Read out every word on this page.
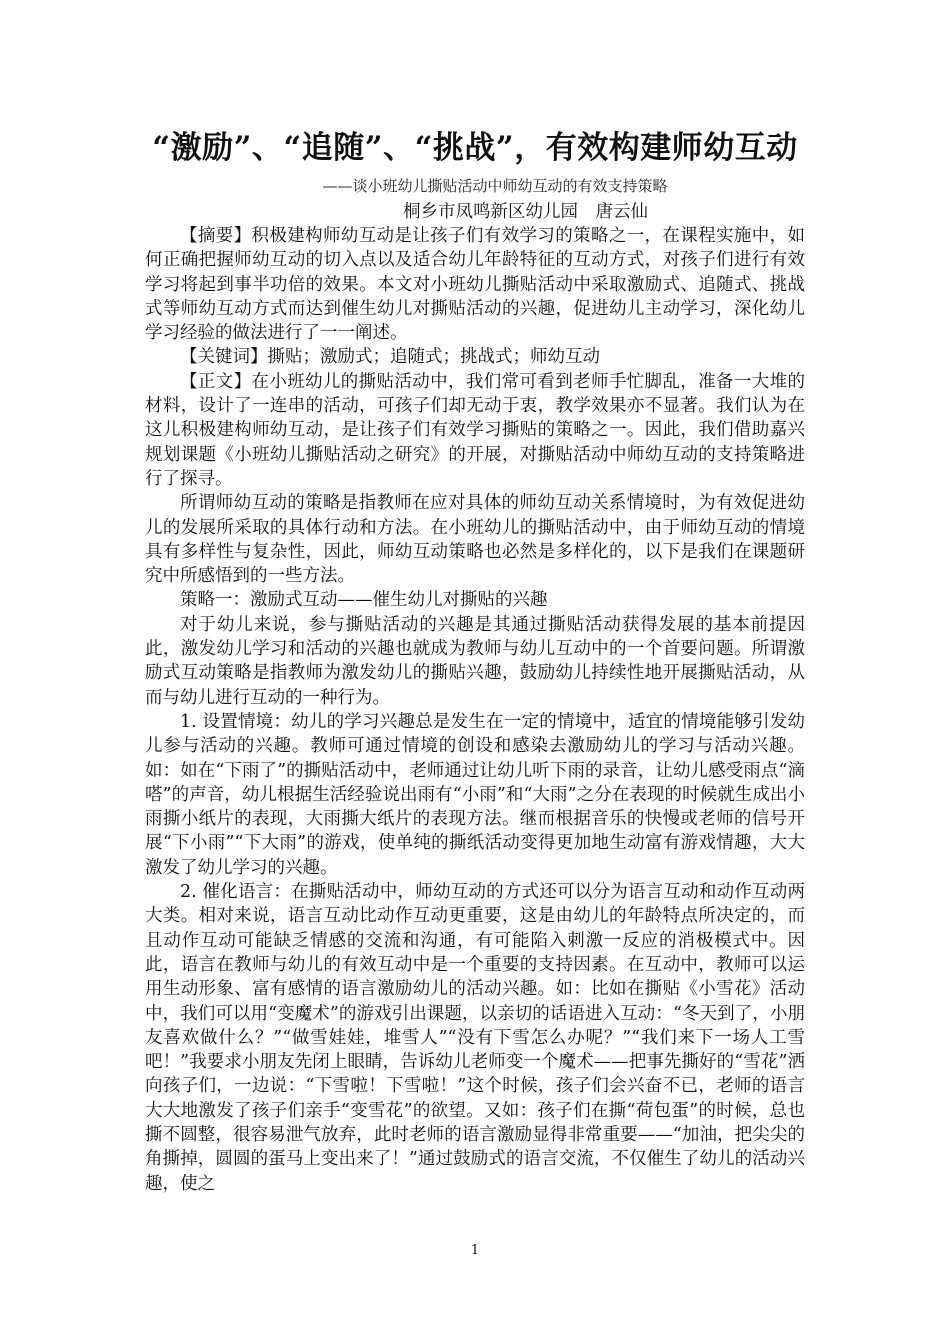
“激励”、“追随”、“挑战”，有效构建师幼互动
——谈小班幼儿撕贴活动中师幼互动的有效支持策略
桐乡市凤鸣新区幼儿园　唐云仙

【摘要】积极建构师幼互动是让孩子们有效学习的策略之一，在课程实施中，如何正确把握师幼互动的切入点以及适合幼儿年龄特征的互动方式，对孩子们进行有效学习将起到事半功倍的效果。本文对小班幼儿撕贴活动中采取激励式、追随式、挑战式等师幼互动方式而达到催生幼儿对撕贴活动的兴趣，促进幼儿主动学习，深化幼儿学习经验的做法进行了一一阐述。

【关键词】撕贴；激励式；追随式；挑战式；师幼互动

【正文】在小班幼儿的撕贴活动中，我们常可看到老师手忙脚乱，准备一大堆的材料，设计了一连串的活动，可孩子们却无动于衷，教学效果亦不显著。我们认为在这儿积极建构师幼互动，是让孩子们有效学习撕贴的策略之一。因此，我们借助嘉兴规划课题《小班幼儿撕贴活动之研究》的开展，对撕贴活动中师幼互动的支持策略进行了探寻。

所谓师幼互动的策略是指教师在应对具体的师幼互动关系情境时，为有效促进幼儿的发展所采取的具体行动和方法。在小班幼儿的撕贴活动中，由于师幼互动的情境具有多样性与复杂性，因此，师幼互动策略也必然是多样化的，以下是我们在课题研究中所感悟到的一些方法。

策略一：激励式互动——催生幼儿对撕贴的兴趣

对于幼儿来说，参与撕贴活动的兴趣是其通过撕贴活动获得发展的基本前提因此，激发幼儿学习和活动的兴趣也就成为教师与幼儿互动中的一个首要问题。所谓激励式互动策略是指教师为激发幼儿的撕贴兴趣，鼓励幼儿持续性地开展撕贴活动，从而与幼儿进行互动的一种行为。

1. 设置情境：幼儿的学习兴趣总是发生在一定的情境中，适宜的情境能够引发幼儿参与活动的兴趣。教师可通过情境的创设和感染去激励幼儿的学习与活动兴趣。如：如在“下雨了”的撕贴活动中，老师通过让幼儿听下雨的录音，让幼儿感受雨点“滴嗒”的声音，幼儿根据生活经验说出雨有“小雨”和“大雨”之分在表现的时候就生成出小雨撕小纸片的表现，大雨撕大纸片的表现方法。继而根据音乐的快慢或老师的信号开展“下小雨”“下大雨”的游戏，使单纯的撕纸活动变得更加地生动富有游戏情趣，大大激发了幼儿学习的兴趣。

2. 催化语言：在撕贴活动中，师幼互动的方式还可以分为语言互动和动作互动两大类。相对来说，语言互动比动作互动更重要，这是由幼儿的年龄特点所决定的，而且动作互动可能缺乏情感的交流和沟通，有可能陷入刺激一反应的消极模式中。因此，语言在教师与幼儿的有效互动中是一个重要的支持因素。在互动中，教师可以运用生动形象、富有感情的语言激励幼儿的活动兴趣。如：比如在撕贴《小雪花》活动中，我们可以用“变魔术”的游戏引出课题，以亲切的话语进入互动：“冬天到了，小朋友喜欢做什么？”“做雪娃娃，堆雪人”“没有下雪怎么办呢？”“我们来下一场人工雪吧！”我要求小朋友先闭上眼睛，告诉幼儿老师变一个魔术——把事先撕好的“雪花”洒向孩子们，一边说：“下雪啦！下雪啦！”这个时候，孩子们会兴奋不已，老师的语言大大地激发了孩子们亲手“变雪花”的欲望。又如：孩子们在撕“荷包蛋”的时候，总也撕不圆整，很容易泄气放弃，此时老师的语言激励显得非常重要——“加油，把尖尖的角撕掉，圆圆的蛋马上变出来了！”通过鼓励式的语言交流，不仅催生了幼儿的活动兴趣，使之

1
